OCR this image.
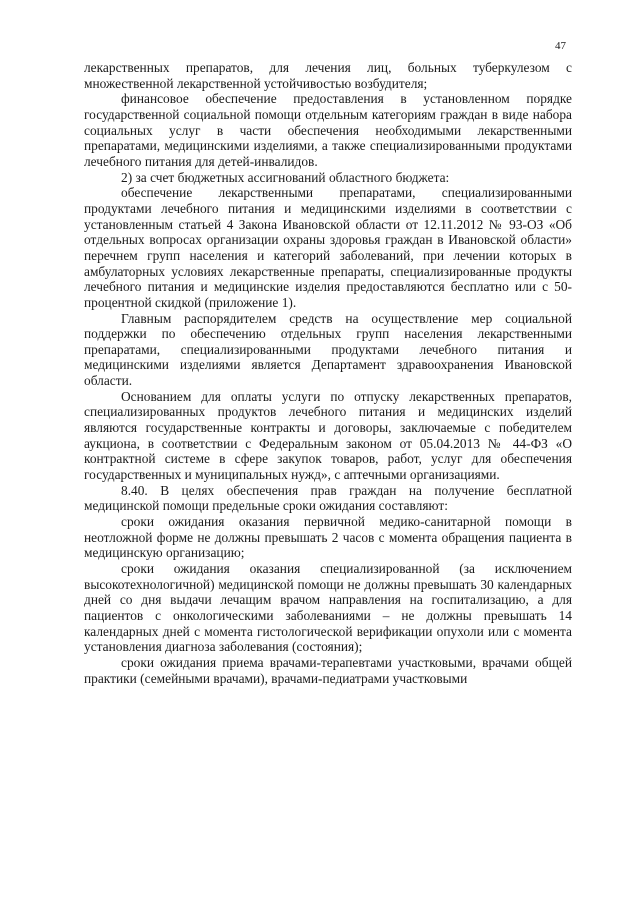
47

лекарственных препаратов, для лечения лиц, больных туберкулезом с множественной лекарственной устойчивостью возбудителя;

финансовое обеспечение предоставления в установленном порядке государственной социальной помощи отдельным категориям граждан в виде набора социальных услуг в части обеспечения необходимыми лекарственными препаратами, медицинскими изделиями, а также специализированными продуктами лечебного питания для детей-инвалидов.

2) за счет бюджетных ассигнований областного бюджета:

обеспечение лекарственными препаратами, специализированными продуктами лечебного питания и медицинскими изделиями в соответствии с установленным статьей 4 Закона Ивановской области от 12.11.2012 № 93-ОЗ «Об отдельных вопросах организации охраны здоровья граждан в Ивановской области» перечнем групп населения и категорий заболеваний, при лечении которых в амбулаторных условиях лекарственные препараты, специализированные продукты лечебного питания и медицинские изделия предоставляются бесплатно или с 50-процентной скидкой (приложение 1).

Главным распорядителем средств на осуществление мер социальной поддержки по обеспечению отдельных групп населения лекарственными препаратами, специализированными продуктами лечебного питания и медицинскими изделиями является Департамент здравоохранения Ивановской области.

Основанием для оплаты услуги по отпуску лекарственных препаратов, специализированных продуктов лечебного питания и медицинских изделий являются государственные контракты и договоры, заключаемые с победителем аукциона, в соответствии с Федеральным законом от 05.04.2013 № 44-ФЗ «О контрактной системе в сфере закупок товаров, работ, услуг для обеспечения государственных и муниципальных нужд», с аптечными организациями.

8.40. В целях обеспечения прав граждан на получение бесплатной медицинской помощи предельные сроки ожидания составляют:

сроки ожидания оказания первичной медико-санитарной помощи в неотложной форме не должны превышать 2 часов с момента обращения пациента в медицинскую организацию;

сроки ожидания оказания специализированной (за исключением высокотехнологичной) медицинской помощи не должны превышать 30 календарных дней со дня выдачи лечащим врачом направления на госпитализацию, а для пациентов с онкологическими заболеваниями – не должны превышать 14 календарных дней с момента гистологической верификации опухоли или с момента установления диагноза заболевания (состояния);

сроки ожидания приема врачами-терапевтами участковыми, врачами общей практики (семейными врачами), врачами-педиатрами участковыми
